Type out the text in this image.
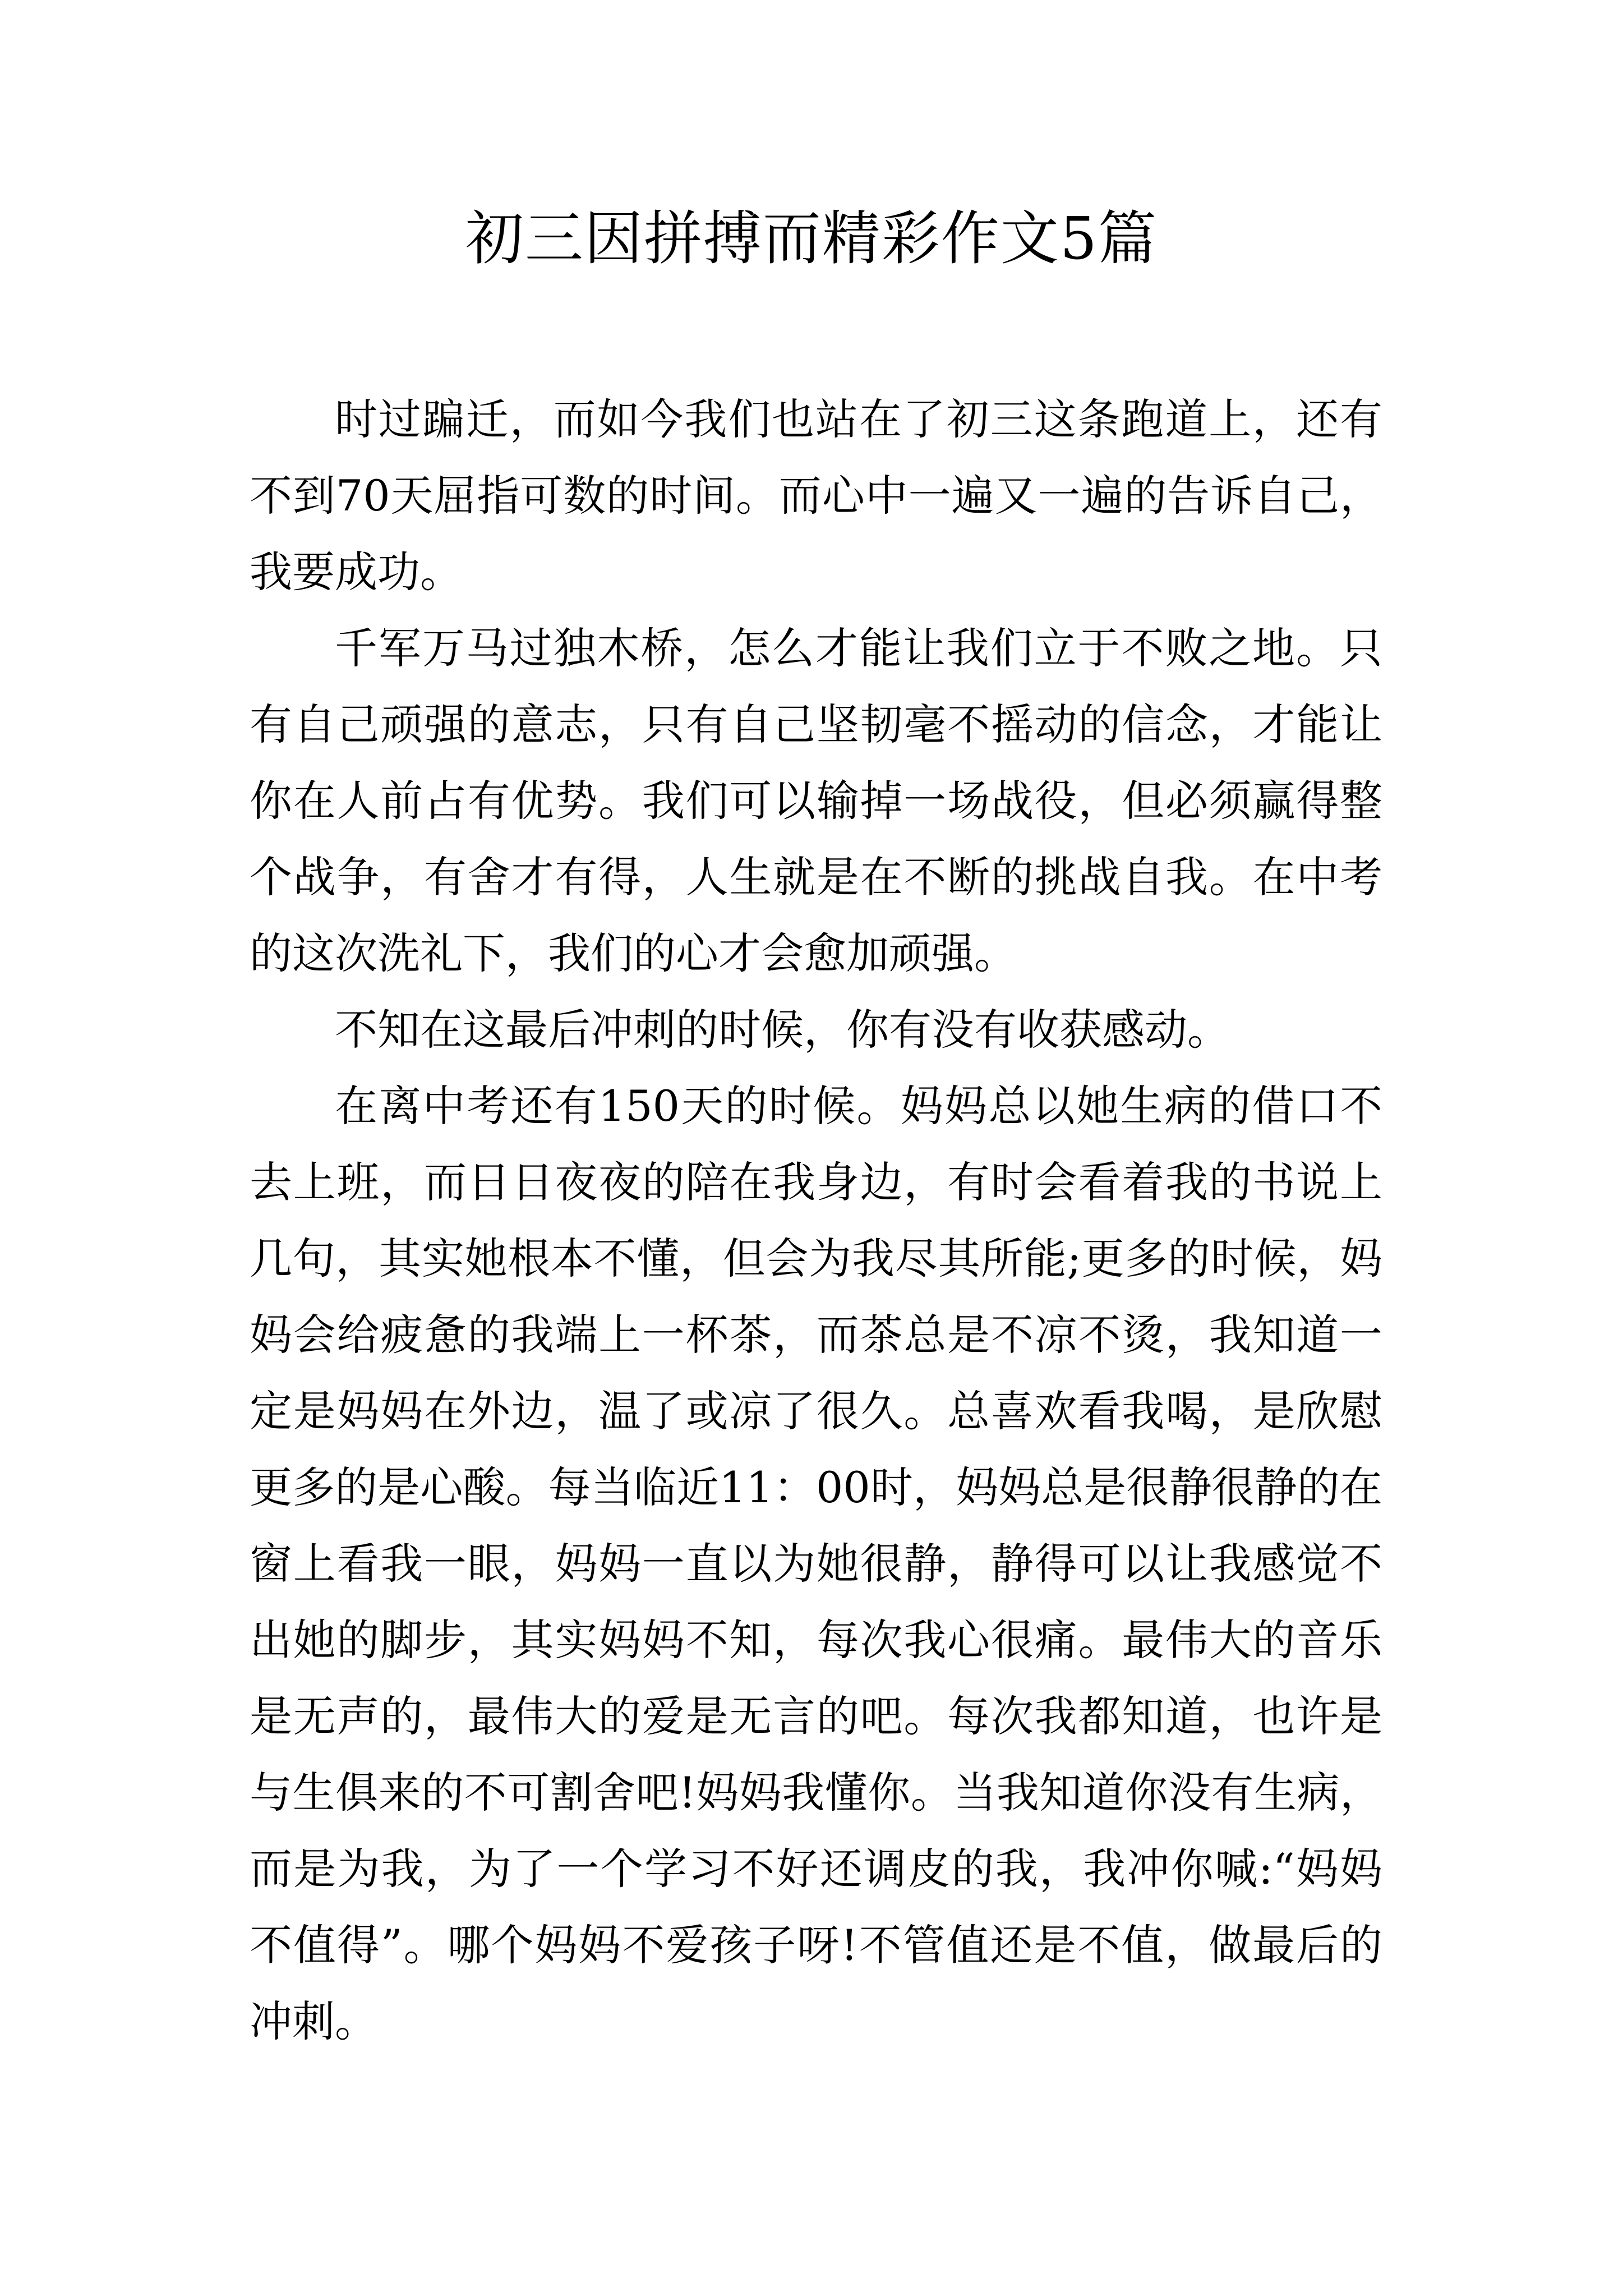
初三因拼搏而精彩作文5篇

时过蹁迁，而如今我们也站在了初三这条跑道上，还有不到70天屈指可数的时间。而心中一遍又一遍的告诉自己，我要成功。

千军万马过独木桥，怎么才能让我们立于不败之地。只有自己顽强的意志，只有自己坚韧毫不摇动的信念，才能让你在人前占有优势。我们可以输掉一场战役，但必须赢得整个战争，有舍才有得，人生就是在不断的挑战自我。在中考的这次洗礼下，我们的心才会愈加顽强。

不知在这最后冲刺的时候，你有没有收获感动。

在离中考还有150天的时候。妈妈总以她生病的借口不去上班，而日日夜夜的陪在我身边，有时会看着我的书说上几句，其实她根本不懂，但会为我尽其所能;更多的时候，妈妈会给疲惫的我端上一杯茶，而茶总是不凉不烫，我知道一定是妈妈在外边，温了或凉了很久。总喜欢看我喝，是欣慰更多的是心酸。每当临近11：00时，妈妈总是很静很静的在窗上看我一眼，妈妈一直以为她很静，静得可以让我感觉不出她的脚步，其实妈妈不知，每次我心很痛。最伟大的音乐是无声的，最伟大的爱是无言的吧。每次我都知道，也许是与生俱来的不可割舍吧!妈妈我懂你。当我知道你没有生病，而是为我，为了一个学习不好还调皮的我，我冲你喊:“妈妈不值得”。哪个妈妈不爱孩子呀!不管值还是不值，做最后的冲刺。
